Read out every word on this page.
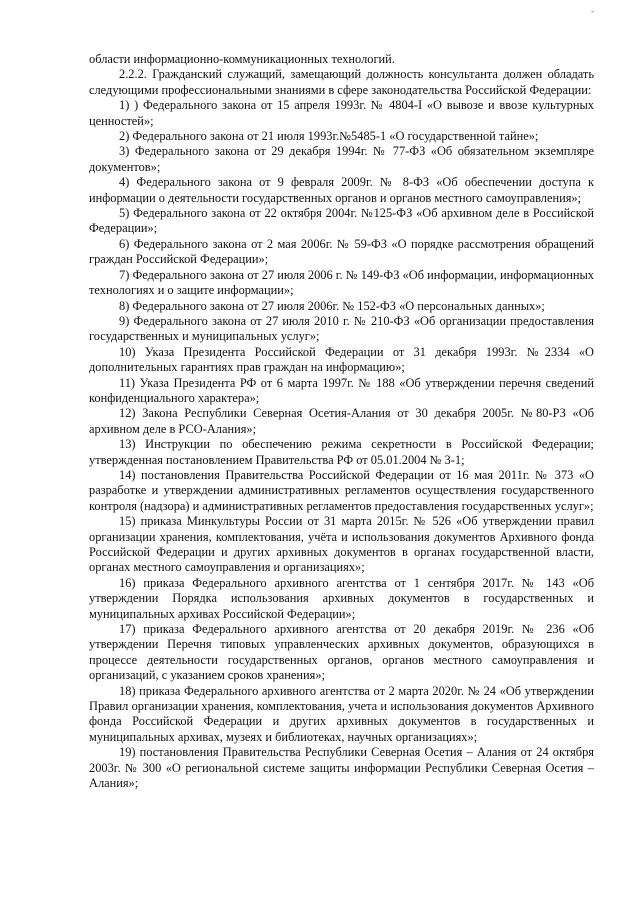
-

области информационно-коммуникационных технологий.

2.2.2. Гражданский служащий, замещающий должность консультанта должен обладать следующими профессиональными знаниями в сфере законодательства Российской Федерации:

1) ) Федерального закона от 15 апреля 1993г. № 4804-I «О вывозе и ввозе культурных ценностей»;

2) Федерального закона от 21 июля 1993г.№5485-1 «О государственной тайне»;

3) Федерального закона от 29 декабря 1994г. № 77-ФЗ «Об обязательном экземпляре документов»;

4) Федерального закона от 9 февраля 2009г. № 8-ФЗ «Об обеспечении доступа к информации о деятельности государственных органов и органов местного самоуправления»;

5) Федерального закона от 22 октября 2004г. №125-ФЗ «Об архивном деле в Российской Федерации»;

6) Федерального закона от 2 мая 2006г. № 59-ФЗ «О порядке рассмотрения обращений граждан Российской Федерации»;

7) Федерального закона от 27 июля 2006 г. № 149-ФЗ «Об информации, информационных технологиях и о защите информации»;

8) Федерального закона от 27 июля 2006г. № 152-ФЗ «О персональных данных»;

9) Федерального закона от 27 июля 2010 г. № 210-ФЗ «Об организации предоставления государственных и муниципальных услуг»;

10) Указа Президента Российской Федерации от 31 декабря 1993г. №2334 «О дополнительных гарантиях прав граждан на информацию»;

11) Указа Президента РФ от 6 марта 1997г. № 188 «Об утверждении перечня сведений конфиденциального характера»;

12) Закона Республики Северная Осетия-Алания от 30 декабря 2005г. №80-РЗ «Об архивном деле в РСО-Алания»;

13) Инструкции по обеспечению режима секретности в Российской Федерации; утвержденная постановлением Правительства РФ от 05.01.2004 № 3-1;

14) постановления Правительства Российской Федерации от 16 мая 2011г. № 373 «О разработке и утверждении административных регламентов осуществления государственного контроля (надзора) и административных регламентов предоставления государственных услуг»;

15) приказа Минкультуры России от 31 марта 2015г. № 526 «Об утверждении правил организации хранения, комплектования, учёта и использования документов Архивного фонда Российской Федерации и других архивных документов в органах государственной власти, органах местного самоуправления и организациях»;

16) приказа Федерального архивного агентства от 1 сентября 2017г. № 143 «Об утверждении Порядка использования архивных документов в государственных и муниципальных архивах Российской Федерации»;

17) приказа Федерального архивного агентства от 20 декабря 2019г. № 236 «Об утверждении Перечня типовых управленческих архивных документов, образующихся в процессе деятельности государственных органов, органов местного самоуправления и организаций, с указанием сроков хранения»;

18) приказа Федерального архивного агентства от 2 марта 2020г. № 24 «Об утверждении Правил организации хранения, комплектования, учета и использования документов Архивного фонда Российской Федерации и других архивных документов в государственных и муниципальных архивах, музеях и библиотеках, научных организациях»;

19) постановления Правительства Республики Северная Осетия – Алания от 24 октября 2003г. № 300 «О региональной системе защиты информации Республики Северная Осетия – Алания»;
